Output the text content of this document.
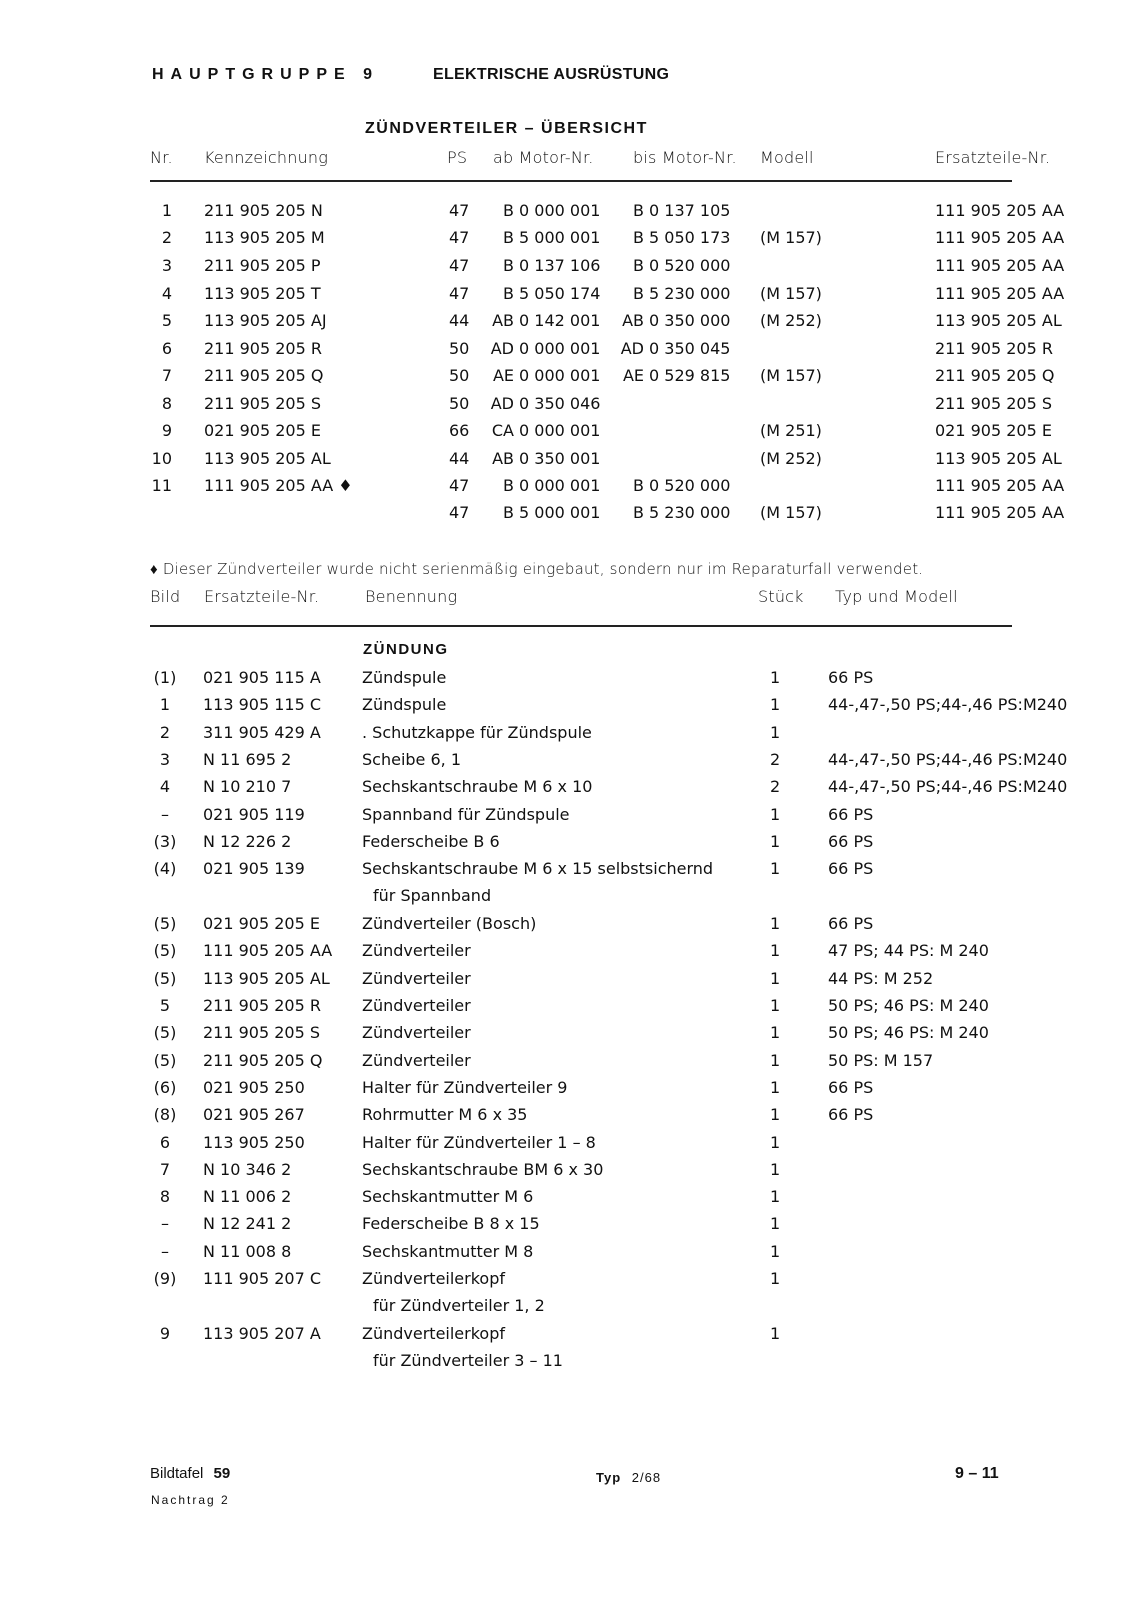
HAUPTGRUPPE 9	ELEKTRISCHE AUSRÜSTUNG
ZÜNDVERTEILER – ÜBERSICHT
Nr. Kennzeichnung	PS ab Motor-Nr. bis Motor-Nr. Modell	Ersatzteile-Nr.
1 211 905 205 N	47	B 0 000 001	B 0 137 105	111 905 205 AA
2 113 905 205 M	47	B 5 000 001	B 5 050 173 (M 157)	111 905 205 AA
3 211 905 205 P	47	B 0 137 106	B 0 520 000	111 905 205 AA
4 113 905 205 T	47	B 5 050 174	B 5 230 000 (M 157)	111 905 205 AA
5 113 905 205 AJ	44	AB 0 142 001	AB 0 350 000 (M 252)	113 905 205 AL
6 211 905 205 R	50	AD 0 000 001	AD 0 350 045	211 905 205 R
7 211 905 205 Q	50	AE 0 000 001	AE 0 529 815 (M 157)	211 905 205 Q
8 211 905 205 S	50	AD 0 350 046	211 905 205 S
9 021 905 205 E	66	CA 0 000 001	(M 251)	021 905 205 E
10 113 905 205 AL	44	AB 0 350 001	(M 252)	113 905 205 AL
11 111 905 205 AA ♦	47	B 0 000 001	B 0 520 000	111 905 205 AA
47	B 5 000 001	B 5 230 000 (M 157)	111 905 205 AA
♦ Dieser Zündverteiler wurde nicht serienmäßig eingebaut, sondern nur im Reparaturfall verwendet.
Bild Ersatzteile-Nr.	Benennung	Stück Typ und Modell
ZÜNDUNG
(1) 021 905 115 A	Zündspule	1	66 PS
1	113 905 115 C	Zündspule	1	44-,47-,50 PS;44-,46 PS:M240
2	311 905 429 A	. Schutzkappe für Zündspule	1
3	N 11 695 2	Scheibe 6, 1	2	44-,47-,50 PS;44-,46 PS:M240
4	N 10 210 7	Sechskantschraube M 6 x 10	2	44-,47-,50 PS;44-,46 PS:M240
–	021 905 119	Spannband für Zündspule	1	66 PS
(3) N 12 226 2	Federscheibe B 6	1	66 PS
(4) 021 905 139	Sechskantschraube M 6 x 15 selbstsichernd	1	66 PS
für Spannband
(5) 021 905 205 E	Zündverteiler (Bosch)	1	66 PS
(5) 111 905 205 AA Zündverteiler	1	47 PS; 44 PS: M 240
(5) 113 905 205 AL Zündverteiler	1	44 PS: M 252
5	211 905 205 R	Zündverteiler	1	50 PS; 46 PS: M 240
(5) 211 905 205 S	Zündverteiler	1	50 PS; 46 PS: M 240
(5) 211 905 205 Q Zündverteiler	1	50 PS: M 157
(6) 021 905 250	Halter für Zündverteiler 9	1	66 PS
(8) 021 905 267	Rohrmutter M 6 x 35	1	66 PS
6	113 905 250	Halter für Zündverteiler 1 – 8	1
7	N 10 346 2	Sechskantschraube BM 6 x 30	1
8	N 11 006 2	Sechskantmutter M 6	1
–	N 12 241 2	Federscheibe B 8 x 15	1
–	N 11 008 8	Sechskantmutter M 8	1
(9) 111 905 207 C	Zündverteilerkopf	1
für Zündverteiler 1, 2
9	113 905 207 A	Zündverteilerkopf	1
für Zündverteiler 3 – 11
Bildtafel 59
Nachtrag 2
Typ 2/68	9 – 11
